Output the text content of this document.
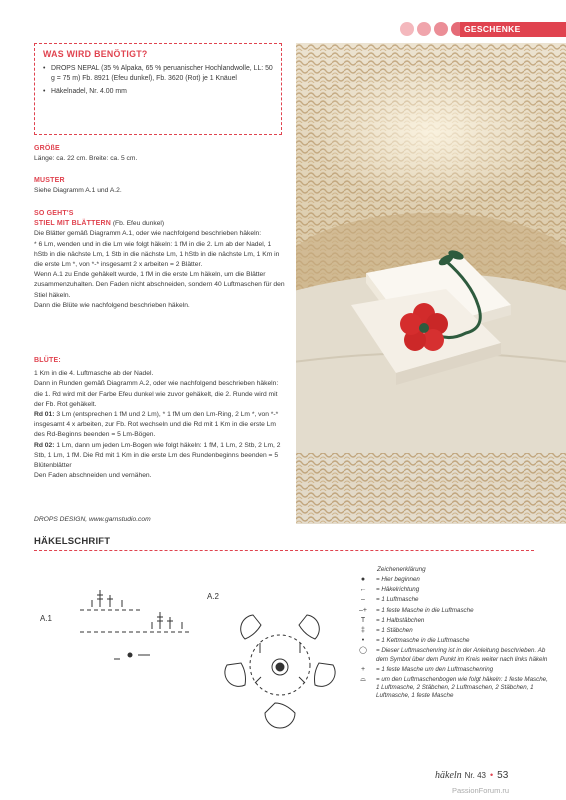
GESCHENKE
WAS WIRD BENÖTIGT?
• DROPS NEPAL (35 % Alpaka, 65 % peruanischer Hochlandwolle, LL: 50 g = 75 m) Fb. 8921 (Efeu dunkel), Fb. 3620 (Rot) je 1 Knäuel
• Häkelnadel, Nr. 4.00 mm
GRÖßE
Länge: ca. 22 cm. Breite: ca. 5 cm.
MUSTER
Siehe Diagramm A.1 und A.2.
SO GEHT'S
STIEL MIT BLÄTTERN (Fb. Efeu dunkel)
Die Blätter gemäß Diagramm A.1, oder wie nachfolgend beschrieben häkeln:
* 6 Lm, wenden und in die Lm wie folgt häkeln: 1 fM in die 2. Lm ab der Nadel, 1 hStb in die nächste Lm, 1 Stb in die nächste Lm, 1 hStb in die nächste Lm, 1 Km in die erste Lm *, von *-* insgesamt 2 x arbeiten = 2 Blätter.
Wenn A.1 zu Ende gehäkelt wurde, 1 fM in die erste Lm häkeln, um die Blätter zusammenzuhalten. Den Faden nicht abschneiden, sondern 40 Luftmaschen für den Stiel häkeln.
Dann die Blüte wie nachfolgend beschrieben häkeln.
BLÜTE:
1 Km in die 4. Luftmasche ab der Nadel.
Dann in Runden gemäß Diagramm A.2, oder wie nachfolgend beschrieben häkeln: die 1. Rd wird mit der Farbe Efeu dunkel wie zuvor gehäkelt, die 2. Runde wird mit der Fb. Rot gehäkelt.
Rd 01: 3 Lm (entsprechen 1 fM und 2 Lm), * 1 fM um den Lm-Ring, 2 Lm *, von *-* insgesamt 4 x arbeiten, zur Fb. Rot wechseln und die Rd mit 1 Km in die erste Lm des Rd-Beginns beenden = 5 Lm-Bögen.
Rd 02: 1 Lm, dann um jeden Lm-Bogen wie folgt häkeln: 1 fM, 1 Lm, 2 Stb, 2 Lm, 2 Stb, 1 Lm, 1 fM. Die Rd mit 1 Km in die erste Lm des Rundenbeginns beenden = 5 Blütenblätter
Den Faden abschneiden und vernähen.
DROPS DESIGN, www.garnstudio.com
HÄKELSCHRIFT
A.1
A.2
Zeichenerklärung
●	= Hier beginnen
←	= Häkelrichtung
–	= 1 Luftmasche
‒+	= 1 feste Masche in die Luftmasche
T	= 1 Halbstäbchen
‡	= 1 Stäbchen
•	= 1 Kettmasche in die Luftmasche
◯	= Dieser Luftmaschenring ist in der Anleitung beschrieben. Ab dem Symbol über dem Punkt im Kreis weiter nach links häkeln
+	= 1 feste Masche um den Luftmaschenring
⌓	= um den Luftmaschenbogen wie folgt häkeln: 1 feste Masche, 1 Luftmasche, 2 Stäbchen, 2 Luftmaschen, 2 Stäbchen, 1 Luftmasche, 1 feste Masche
häkeln Nr. 43 • 53
PassionForum.ru
